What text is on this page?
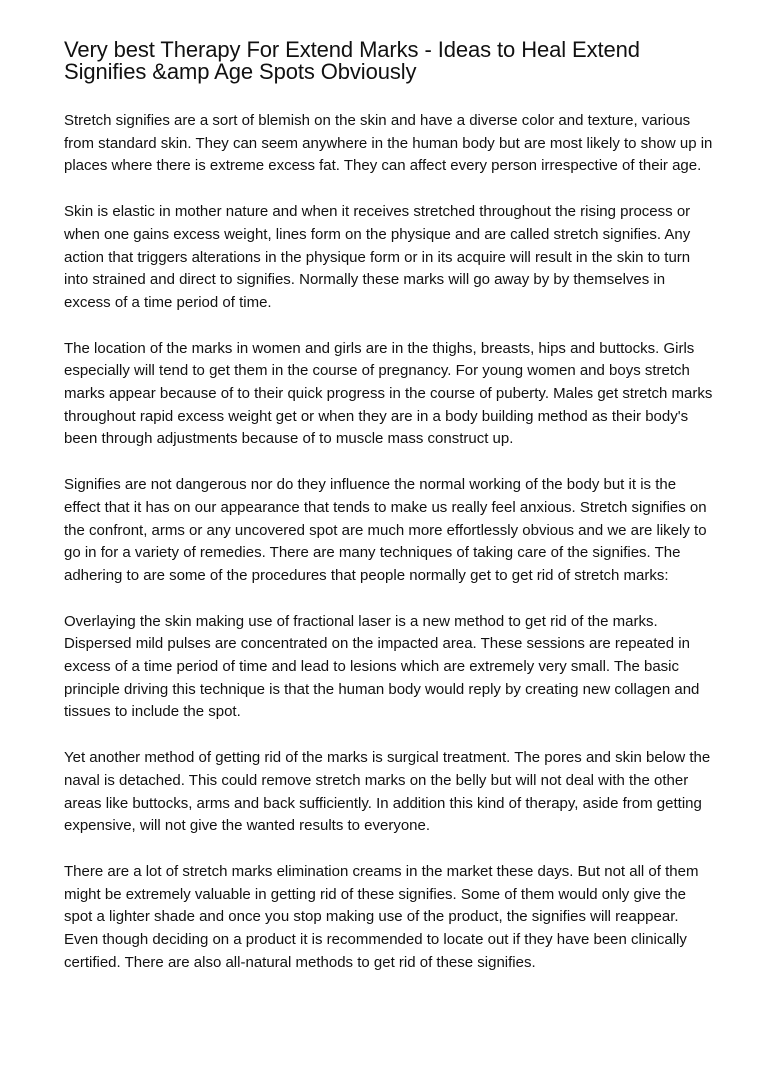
Very best Therapy For Extend Marks - Ideas to Heal Extend Signifies &amp Age Spots Obviously

Stretch signifies are a sort of blemish on the skin and have a diverse color and texture, various from standard skin. They can seem anywhere in the human body but are most likely to show up in places where there is extreme excess fat. They can affect every person irrespective of their age.

Skin is elastic in mother nature and when it receives stretched throughout the rising process or when one gains excess weight, lines form on the physique and are called stretch signifies. Any action that triggers alterations in the physique form or in its acquire will result in the skin to turn into strained and direct to signifies. Normally these marks will go away by by themselves in excess of a time period of time.

The location of the marks in women and girls are in the thighs, breasts, hips and buttocks. Girls especially will tend to get them in the course of pregnancy. For young women and boys stretch marks appear because of to their quick progress in the course of puberty. Males get stretch marks throughout rapid excess weight get or when they are in a body building method as their body's been through adjustments because of to muscle mass construct up.

Signifies are not dangerous nor do they influence the normal working of the body but it is the effect that it has on our appearance that tends to make us really feel anxious. Stretch signifies on the confront, arms or any uncovered spot are much more effortlessly obvious and we are likely to go in for a variety of remedies. There are many techniques of taking care of the signifies. The adhering to are some of the procedures that people normally get to get rid of stretch marks:

Overlaying the skin making use of fractional laser is a new method to get rid of the marks. Dispersed mild pulses are concentrated on the impacted area. These sessions are repeated in excess of a time period of time and lead to lesions which are extremely very small. The basic principle driving this technique is that the human body would reply by creating new collagen and tissues to include the spot.

Yet another method of getting rid of the marks is surgical treatment. The pores and skin below the naval is detached. This could remove stretch marks on the belly but will not deal with the other areas like buttocks, arms and back sufficiently. In addition this kind of therapy, aside from getting expensive, will not give the wanted results to everyone.

There are a lot of stretch marks elimination creams in the market these days. But not all of them might be extremely valuable in getting rid of these signifies. Some of them would only give the spot a lighter shade and once you stop making use of the product, the signifies will reappear. Even though deciding on a product it is recommended to locate out if they have been clinically certified. There are also all-natural methods to get rid of these signifies.
